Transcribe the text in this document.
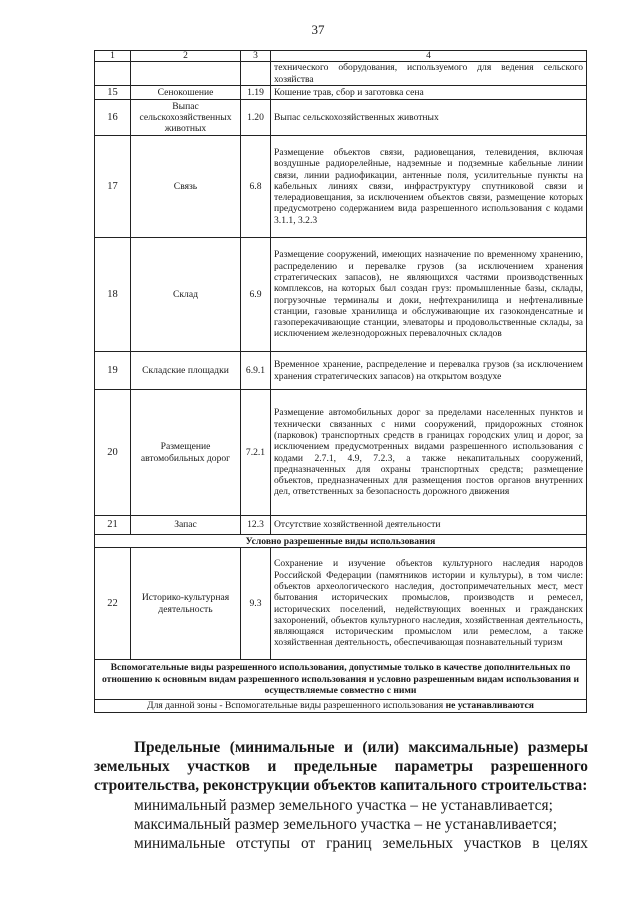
37
1	2	3	4
			технического оборудования, используемого для ведения сельского хозяйства
15	Сенокошение	1.19	Кошение трав, сбор и заготовка сена
16	Выпас сельскохозяйственных животных	1.20	Выпас сельскохозяйственных животных
17	Связь	6.8	Размещение объектов связи, радиовещания, телевидения, включая воздушные радиорелейные, надземные и подземные кабельные линии связи, линии радиофикации, антенные поля, усилительные пункты на кабельных линиях связи, инфраструктуру спутниковой связи и телерадиовещания, за исключением объектов связи, размещение которых предусмотрено содержанием вида разрешенного использования с кодами 3.1.1, 3.2.3
18	Склад	6.9	Размещение сооружений, имеющих назначение по временному хранению, распределению и перевалке грузов (за исключением хранения стратегических запасов), не являющихся частями производственных комплексов, на которых был создан груз: промышленные базы, склады, погрузочные терминалы и доки, нефтехранилища и нефтеналивные станции, газовые хранилища и обслуживающие их газоконденсатные и газоперекачивающие станции, элеваторы и продовольственные склады, за исключением железнодорожных перевалочных складов
19	Складские площадки	6.9.1	Временное хранение, распределение и перевалка грузов (за исключением хранения стратегических запасов) на открытом воздухе
20	Размещение автомобильных дорог	7.2.1	Размещение автомобильных дорог за пределами населенных пунктов и технически связанных с ними сооружений, придорожных стоянок (парковок) транспортных средств в границах городских улиц и дорог, за исключением предусмотренных видами разрешенного использования с кодами 2.7.1, 4.9, 7.2.3, а также некапитальных сооружений, предназначенных для охраны транспортных средств; размещение объектов, предназначенных для размещения постов органов внутренних дел, ответственных за безопасность дорожного движения
21	Запас	12.3	Отсутствие хозяйственной деятельности
Условно разрешенные виды использования			
22	Историко-культурная деятельность	9.3	Сохранение и изучение объектов культурного наследия народов Российской Федерации (памятников истории и культуры), в том числе: объектов археологического наследия, достопримечательных мест, мест бытования исторических промыслов, производств и ремесел, исторических поселений, недействующих военных и гражданских захоронений, объектов культурного наследия, хозяйственная деятельность, являющаяся историческим промыслом или ремеслом, а также хозяйственная деятельность, обеспечивающая познавательный туризм
Вспомогательные виды разрешенного использования, допустимые только в качестве дополнительных по отношению к основным видам разрешенного использования и условно разрешенным видам использования и осуществляемые совместно с ними			
Для данной зоны - Вспомогательные виды разрешенного использования не устанавливаются			
Предельные (минимальные и (или) максимальные) размеры земельных участков и предельные параметры разрешенного строительства, реконструкции объектов капитального строительства:
минимальный размер земельного участка – не устанавливается;
максимальный размер земельного участка – не устанавливается;
минимальные отступы от границ земельных участков в целях
